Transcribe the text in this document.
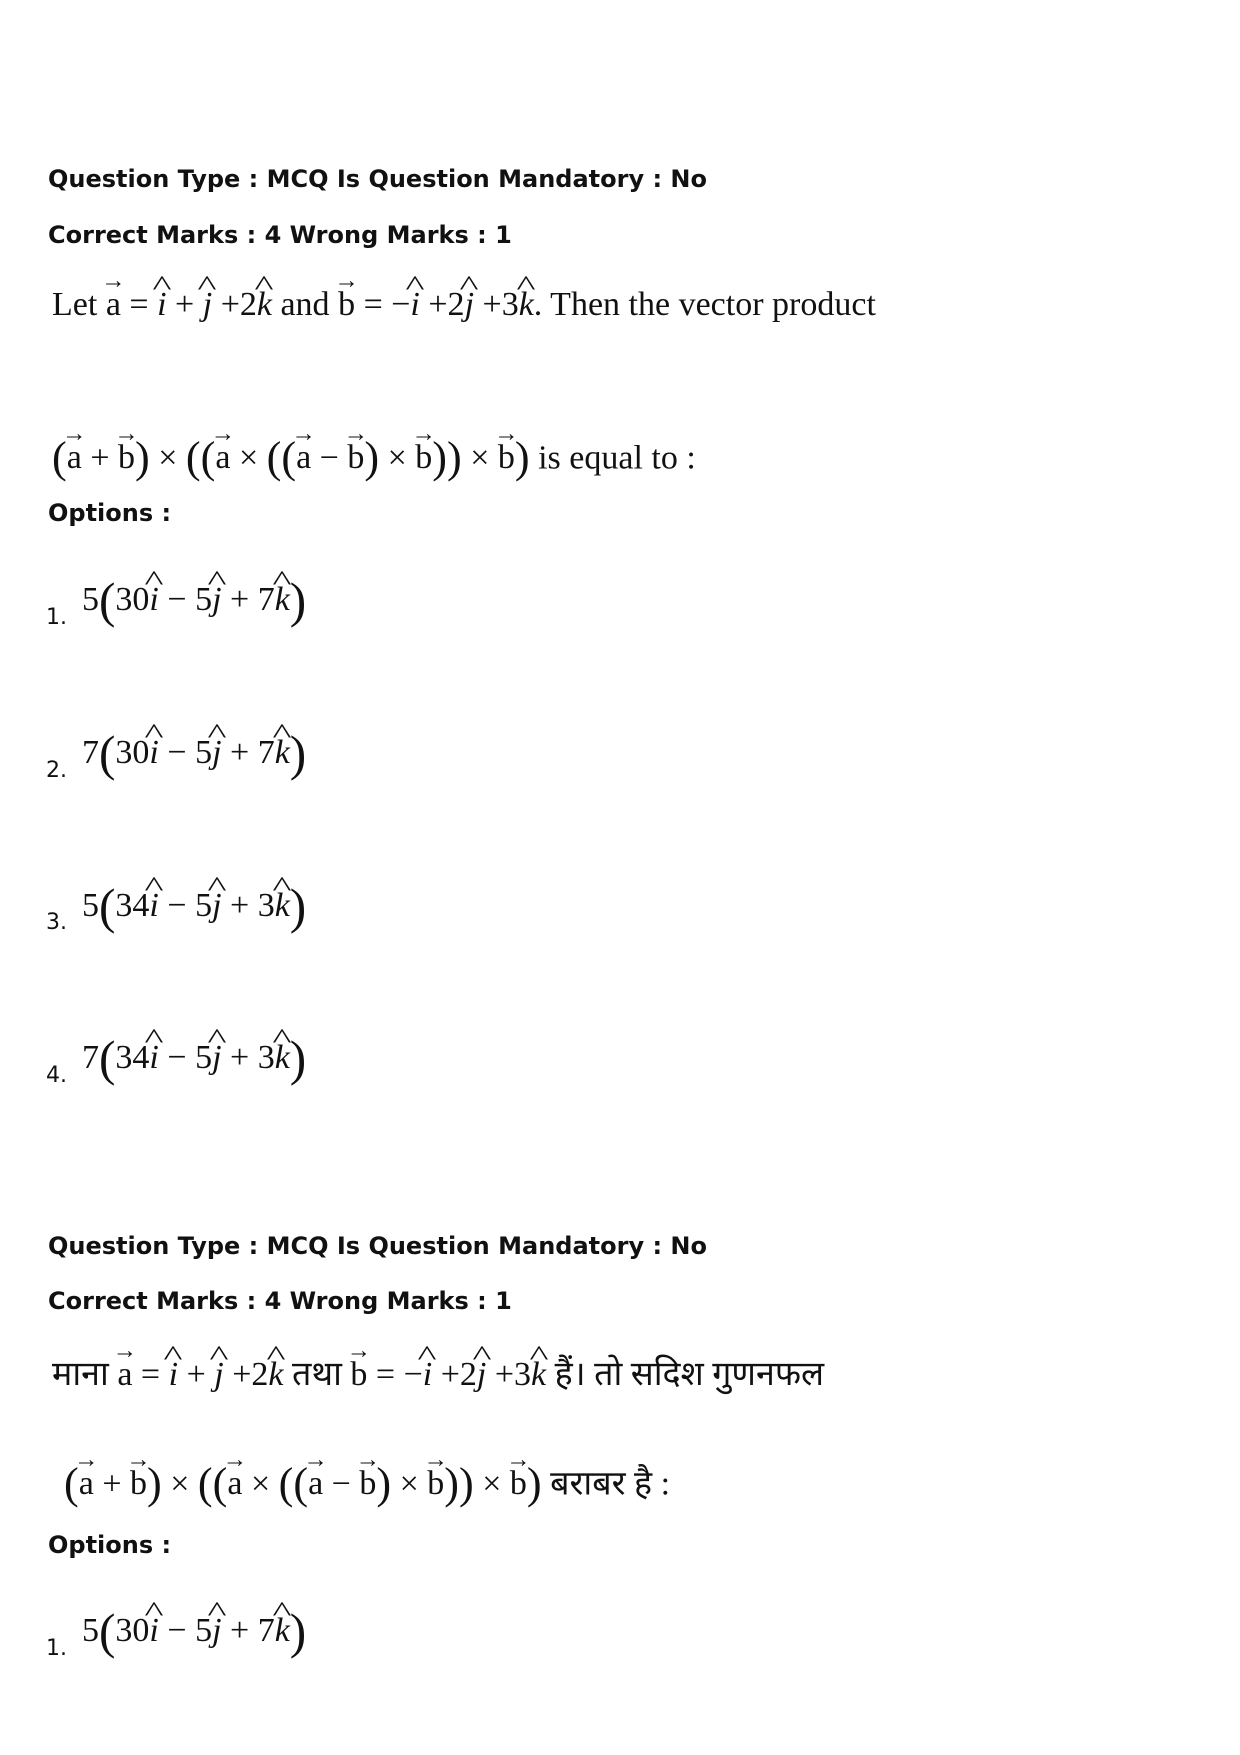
Question Type : MCQ Is Question Mandatory : No
Correct Marks : 4 Wrong Marks : 1
Let → a = ^ i + ^ j +2^ k and → b = −^ i +2^ j +3^ k. Then the vector product
(→ a + → b) × ((→ a × ((→ a − → b) × → b)) × → b) is equal to :
Options :
1. 5(30^ i − 5^ j + 7^ k)
2. 7(30^ i − 5^ j + 7^ k)
3. 5(34^ i − 5^ j + 3^ k)
4. 7(34^ i − 5^ j + 3^ k)
Question Type : MCQ Is Question Mandatory : No
Correct Marks : 4 Wrong Marks : 1
माना → a = ^ i + ^ j +2^ k तथा → b = −^ i +2^ j +3^ k हैं। तो सदिश गुणनफल
(→ a + → b) × ((→ a × ((→ a − → b) × → b)) × → b) बराबर है :
Options :
1. 5(30^ i − 5^ j + 7^ k)
